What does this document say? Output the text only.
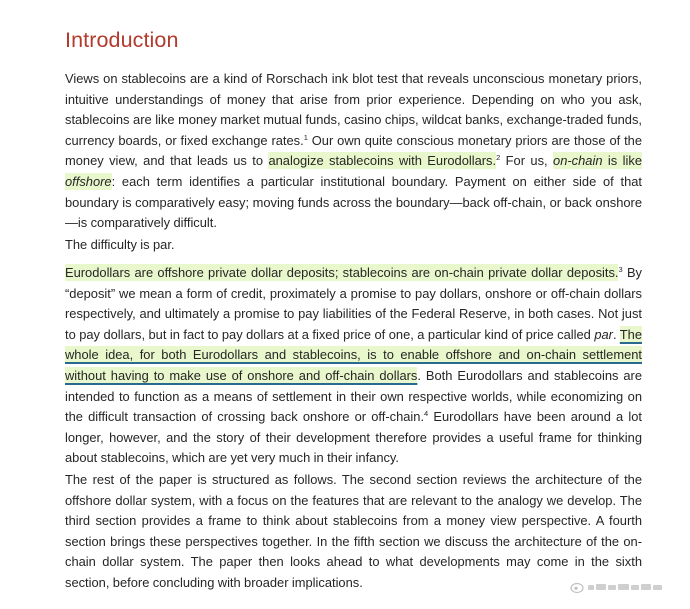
Introduction

Views on stablecoins are a kind of Rorschach ink blot test that reveals unconscious monetary priors, intuitive understandings of money that arise from prior experience. Depending on who you ask, stablecoins are like money market mutual funds, casino chips, wildcat banks, exchange-traded funds, currency boards, or fixed exchange rates.$^1$ Our own quite conscious monetary priors are those of the money view, and that leads us to analogize stablecoins with Eurodollars.$^2$ For us, on-chain is like offshore: each term identifies a particular institutional boundary. Payment on either side of that boundary is comparatively easy; moving funds across the boundary—back off-chain, or back onshore—is comparatively difficult.

The difficulty is par.

Eurodollars are offshore private dollar deposits; stablecoins are on-chain private dollar deposits.$^3$ By “deposit” we mean a form of credit, proximately a promise to pay dollars, onshore or off-chain dollars respectively, and ultimately a promise to pay liabilities of the Federal Reserve, in both cases. Not just to pay dollars, but in fact to pay dollars at a fixed price of one, a particular kind of price called par. The whole idea, for both Eurodollars and stablecoins, is to enable offshore and on-chain settlement without having to make use of onshore and off-chain dollars. Both Eurodollars and stablecoins are intended to function as a means of settlement in their own respective worlds, while economizing on the difficult transaction of crossing back onshore or off-chain.$^4$ Eurodollars have been around a lot longer, however, and the story of their development therefore provides a useful frame for thinking about stablecoins, which are yet very much in their infancy.

The rest of the paper is structured as follows. The second section reviews the architecture of the offshore dollar system, with a focus on the features that are relevant to the analogy we develop. The third section provides a frame to think about stablecoins from a money view perspective. A fourth section brings these perspectives together. In the fifth section we discuss the architecture of the on-chain dollar system. The paper then looks ahead to what developments may come in the sixth section, before concluding with broader implications.
